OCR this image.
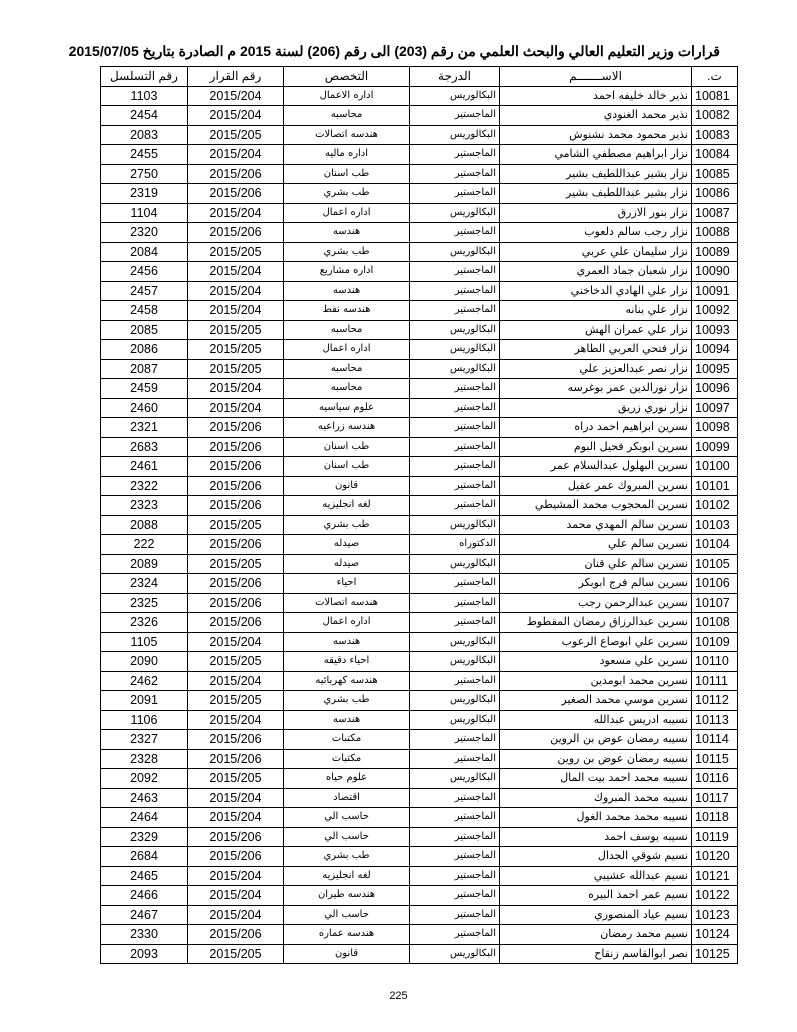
قرارات وزير التعليم العالي والبحث العلمي من رقم (203) الى رقم (206) لسنة 2015 م الصادرة بتاريخ 2015/07/05
ت.	الاســـــــم	الدرجة	التخصص	رقم القرار	رقم التسلسل
10081	نذير خالد خليفه احمد	البكالوريس	اداره الاعمال	2015/204	1103
10082	نذير محمد الغنودي	الماجستير	محاسبه	2015/204	2454
10083	نذير محمود محمد نشنوش	البكالوريس	هندسه اتصالات	2015/205	2083
10084	نزار ابراهيم مصطفي الشامي	الماجستير	اداره ماليه	2015/204	2455
10085	نزار بشير عبداللطيف بشير	الماجستير	طب اسنان	2015/206	2750
10086	نزار بشير عبداللطيف بشير	الماجستير	طب بشري	2015/206	2319
10087	نزار بنور الازرق	البكالوريس	اداره اعمال	2015/204	1104
10088	نزار رجب سالم دلعوب	الماجستير	هندسه	2015/206	2320
10089	نزار سليمان علي عربي	البكالوريس	طب بشري	2015/205	2084
10090	نزار شعبان جماد العمري	الماجستير	اداره مشاريع	2015/204	2456
10091	نزار علي الهادي الدخاخني	الماجستير	هندسه	2015/204	2457
10092	نزار علي بنانه	الماجستير	هندسه نفط	2015/204	2458
10093	نزار علي عمران الهش	البكالوريس	محاسبه	2015/205	2085
10094	نزار فتحي العربي الطاهر	البكالوريس	اداره اعمال	2015/205	2086
10095	نزار نصر عبدالعزيز علي	البكالوريس	محاسبه	2015/205	2087
10096	نزار نورالدين عمر بوغرسه	الماجستير	محاسبه	2015/204	2459
10097	نزار نوري زريق	الماجستير	علوم سياسيه	2015/204	2460
10098	نسرين ابراهيم احمد دراه	الماجستير	هندسه زراعيه	2015/206	2321
10099	نسرين ابوبكر فحيل البوم	الماجستير	طب اسنان	2015/206	2683
10100	نسرين البهلول عبدالسلام عمر	الماجستير	طب اسنان	2015/206	2461
10101	نسرين المبروك عمر عقيل	الماجستير	قانون	2015/206	2322
10102	نسرين المحجوب محمد المشيطي	الماجستير	لغه انجليزيه	2015/206	2323
10103	نسرين سالم المهدي محمد	البكالوريس	طب بشري	2015/205	2088
10104	نسرين سالم علي	الدكتوراه	صيدله	2015/206	222
10105	نسرين سالم علي قنان	البكالوريس	صيدله	2015/205	2089
10106	نسرين سالم فرج ابوبكر	الماجستير	احياء	2015/206	2324
10107	نسرين عبدالرحمن رجب	الماجستير	هندسه اتصالات	2015/206	2325
10108	نسرين عبدالرزاق رمضان المقطوط	الماجستير	اداره اعمال	2015/206	2326
10109	نسرين علي ابوصاع الرعوب	البكالوريس	هندسه	2015/204	1105
10110	نسرين علي مسعود	البكالوريس	احياء دقيقه	2015/205	2090
10111	نسرين محمد ابومدين	الماجستير	هندسه كهربائيه	2015/204	2462
10112	نسرين موسي محمد الصغير	البكالوريس	طب بشري	2015/205	2091
10113	نسيبه ادريس عبدالله	البكالوريس	هندسه	2015/204	1106
10114	نسيبه رمضان عوض بن الروين	الماجستير	مكتبات	2015/206	2327
10115	نسيبه رمضان عوض بن روين	الماجستير	مكتبات	2015/206	2328
10116	نسيبه محمد احمد بيت المال	البكالوريس	علوم حياه	2015/205	2092
10117	نسيبه محمد المبروك	الماجستير	اقتصاد	2015/204	2463
10118	نسيبه محمد محمد الغول	الماجستير	حاسب الي	2015/204	2464
10119	نسيبه يوسف احمد	الماجستير	حاسب الي	2015/206	2329
10120	نسيم شوقي الجدال	الماجستير	طب بشري	2015/206	2684
10121	نسيم عبدالله عشيبي	الماجستير	لغه انجليزيه	2015/204	2465
10122	نسيم عمر احمد البيره	الماجستير	هندسه طيران	2015/204	2466
10123	نسيم عياد المنصوري	الماجستير	حاسب الي	2015/204	2467
10124	نسيم محمد رمضان	الماجستير	هندسه عماره	2015/206	2330
10125	نصر ابوالقاسم زنقاح	البكالوريس	قانون	2015/205	2093
225
